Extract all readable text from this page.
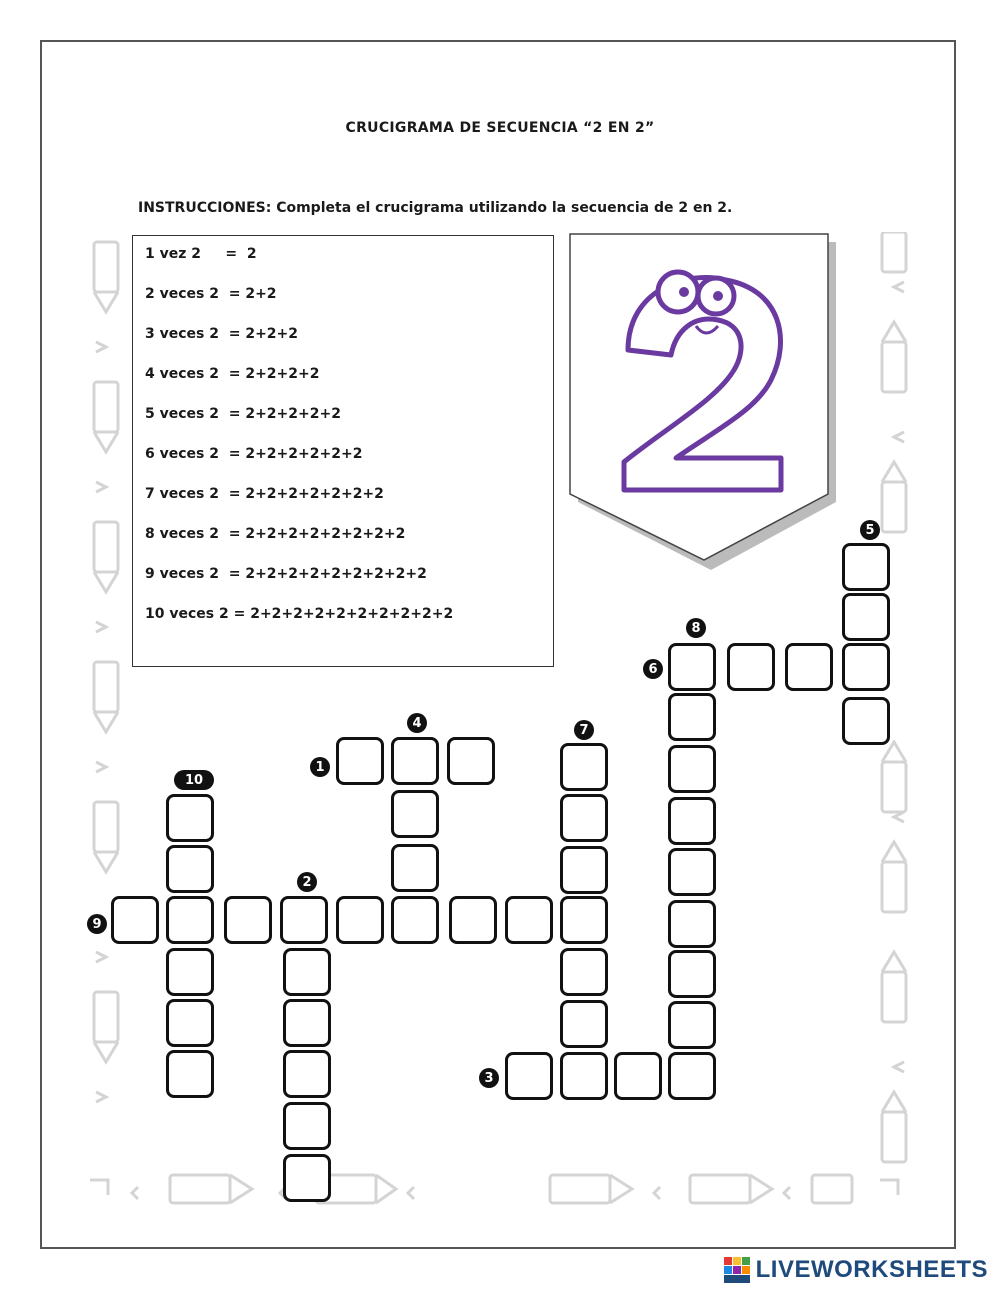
CRUCIGRAMA DE SECUENCIA “2 EN 2”
INSTRUCCIONES: Completa el crucigrama utilizando la secuencia de 2 en 2.
1 vez 2     =  2
2 veces 2  = 2+2
3 veces 2  = 2+2+2
4 veces 2  = 2+2+2+2
5 veces 2  = 2+2+2+2+2
6 veces 2  = 2+2+2+2+2+2
7 veces 2  = 2+2+2+2+2+2+2
8 veces 2  = 2+2+2+2+2+2+2+2
9 veces 2  = 2+2+2+2+2+2+2+2+2
10 veces 2 = 2+2+2+2+2+2+2+2+2+2
1
2
3
4
5
6
7
8
9
10
LIVEWORKSHEETS
